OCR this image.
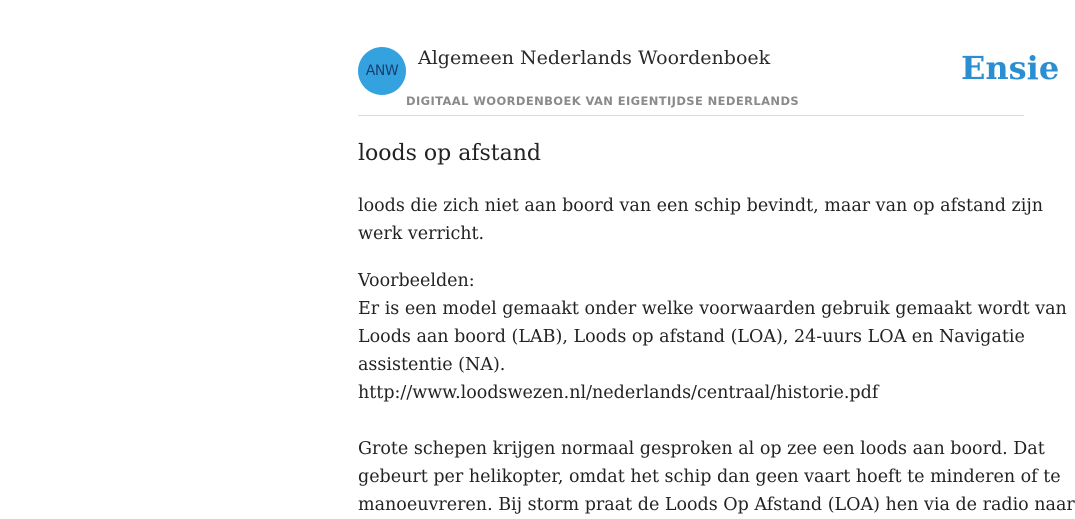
ANW
Algemeen Nederlands Woordenboek
DIGITAAL WOORDENBOEK VAN EIGENTIJDSE NEDERLANDS
Ensie
loods op afstand
loods die zich niet aan boord van een schip bevindt, maar van op afstand zijn
werk verricht.
Voorbeelden:
Er is een model gemaakt onder welke voorwaarden gebruik gemaakt wordt van
Loods aan boord (LAB), Loods op afstand (LOA), 24-uurs LOA en Navigatie
assistentie (NA).
http://www.loodswezen.nl/nederlands/centraal/historie.pdf
Grote schepen krijgen normaal gesproken al op zee een loods aan boord. Dat
gebeurt per helikopter, omdat het schip dan geen vaart hoeft te minderen of te
manoeuvreren. Bij storm praat de Loods Op Afstand (LOA) hen via de radio naar
